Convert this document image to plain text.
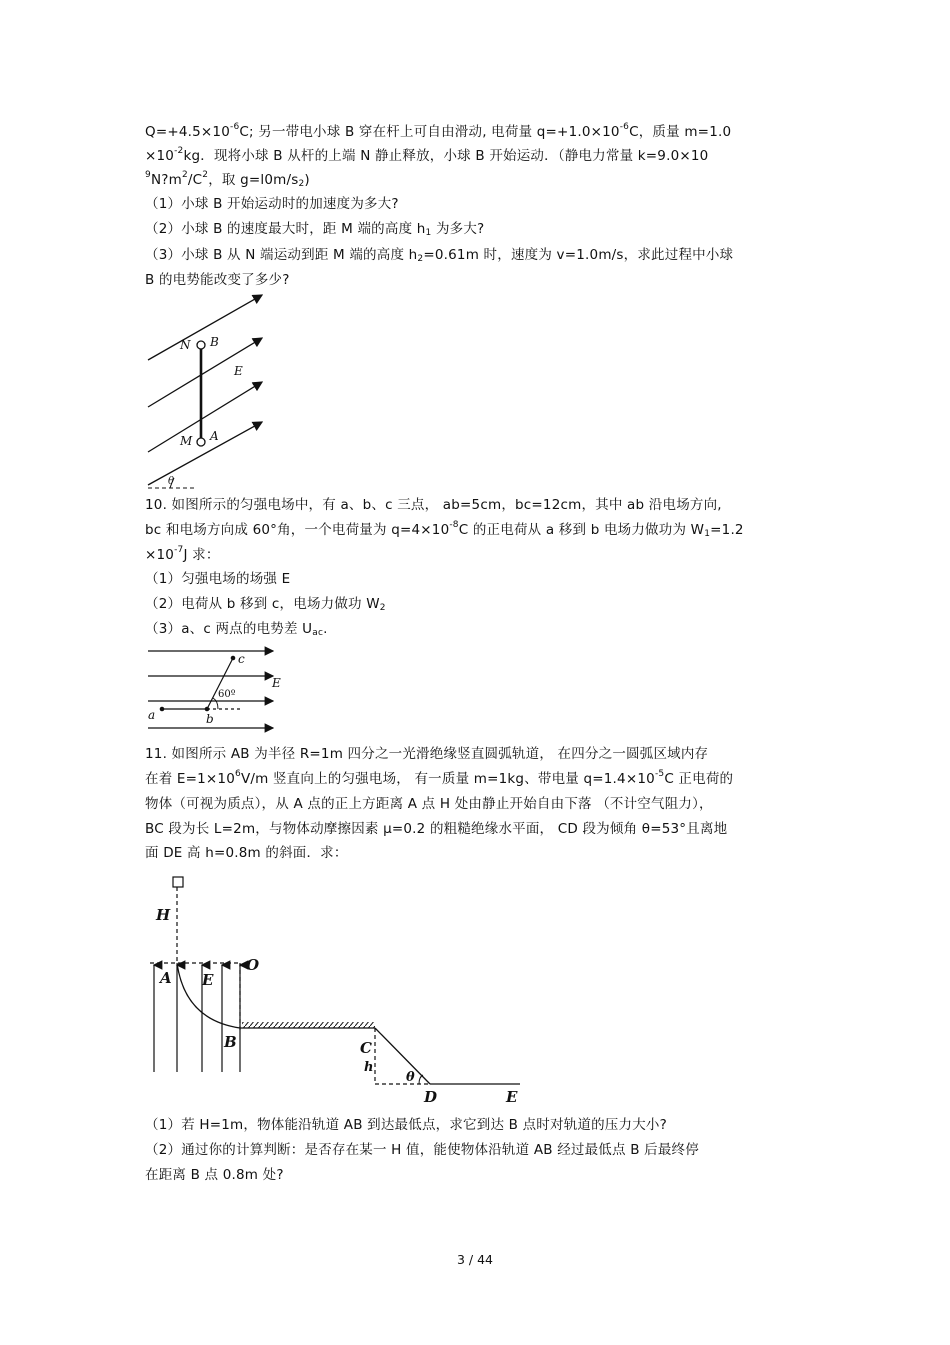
$Q=+4.5\times 10^{-6}C$; 另一带电小球 B 穿在杆上可自由滑动, 电荷量 $q=+1.0\times 10^{-6}C$，质量 m=1.0
$\times 10^{-2}kg$．现将小球 B 从杆的上端 N 静止释放，小球 B 开始运动．（静电力常量 k=9.0×10
$^9N?m^2/C^2$，取 $g=l0m/s_2$)
（1）小球 B 开始运动时的加速度为多大?
（2）小球 B 的速度最大时，距 M 端的高度 $h_1$ 为多大?
（3）小球 B 从 N 端运动到距 M 端的高度 $h_2=0.61m$ 时，速度为 v=1.0m/s，求此过程中小球
B 的电势能改变了多少?
N B
E
M A
θ
10. 如图所示的匀强电场中，有 a、b、c 三点， ab=5cm，bc=12cm，其中 ab 沿电场方向,
bc 和电场方向成 60°角，一个电荷量为 $q=4\times 10^{-8}C$ 的正电荷从 a 移到 b 电场力做功为 $W_1=1.2$
$\times 10^{-7}J$ 求：
（1）匀强电场的场强 E
（2）电荷从 b 移到 c，电场力做功 $W_2$
（3）a、c 两点的电势差 $U_{ac}$.
c
E
60º
a	b
11. 如图所示 AB 为半径 R=1m 四分之一光滑绝缘竖直圆弧轨道， 在四分之一圆弧区域内存
在着 $E=1\times 10^6V/m$ 竖直向上的匀强电场， 有一质量 m=1kg、带电量 $q=1.4\times 10^{-5}C$ 正电荷的
物体（可视为质点），从 A 点的正上方距离 A 点 H 处由静止开始自由下落 （不计空气阻力），
BC 段为长 L=2m，与物体动摩擦因素 μ=0.2 的粗糙绝缘水平面， CD 段为倾角 θ=53°且离地
面 DE 高 h=0.8m 的斜面．求：
H
A E
O
B	C
h
θ
D	E
（1）若 H=1m，物体能沿轨道 AB 到达最低点，求它到达 B 点时对轨道的压力大小?
（2）通过你的计算判断：是否存在某一 H 值，能使物体沿轨道 AB 经过最低点 B 后最终停
在距离 B 点 0.8m 处?
3 / 44
